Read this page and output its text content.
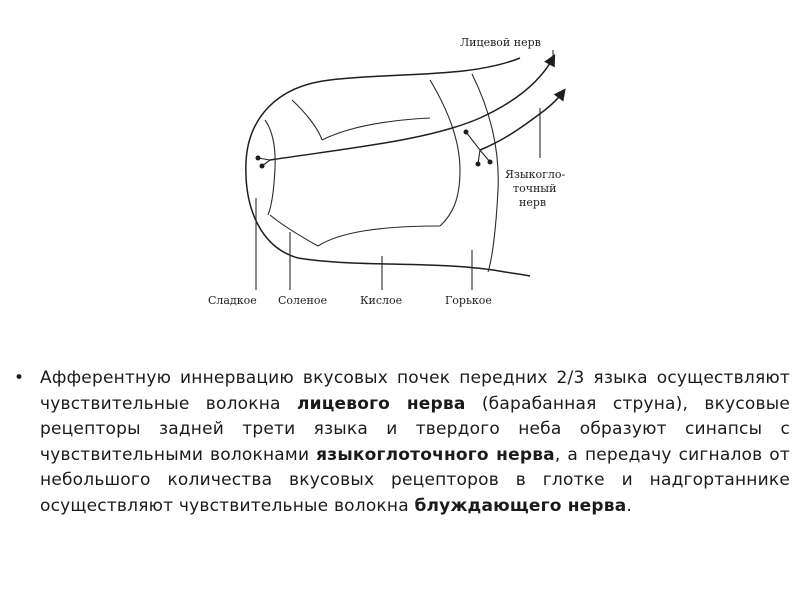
Лицевой нерв
Языкогло-
точный
нерв
Сладкое Соленое	Кислое	Горькое
• Афферентную иннервацию вкусовых почек передних 2/3 языка осуществляют чувствительные волокна лицевого нерва (барабанная струна), вкусовые рецепторы задней трети языка и твердого неба образуют синапсы с чувствительными волокнами языкоглоточного нерва, а передачу сигналов от небольшого количества вкусовых рецепторов в глотке и надгортаннике осуществляют чувствительные волокна блуждающего нерва.
